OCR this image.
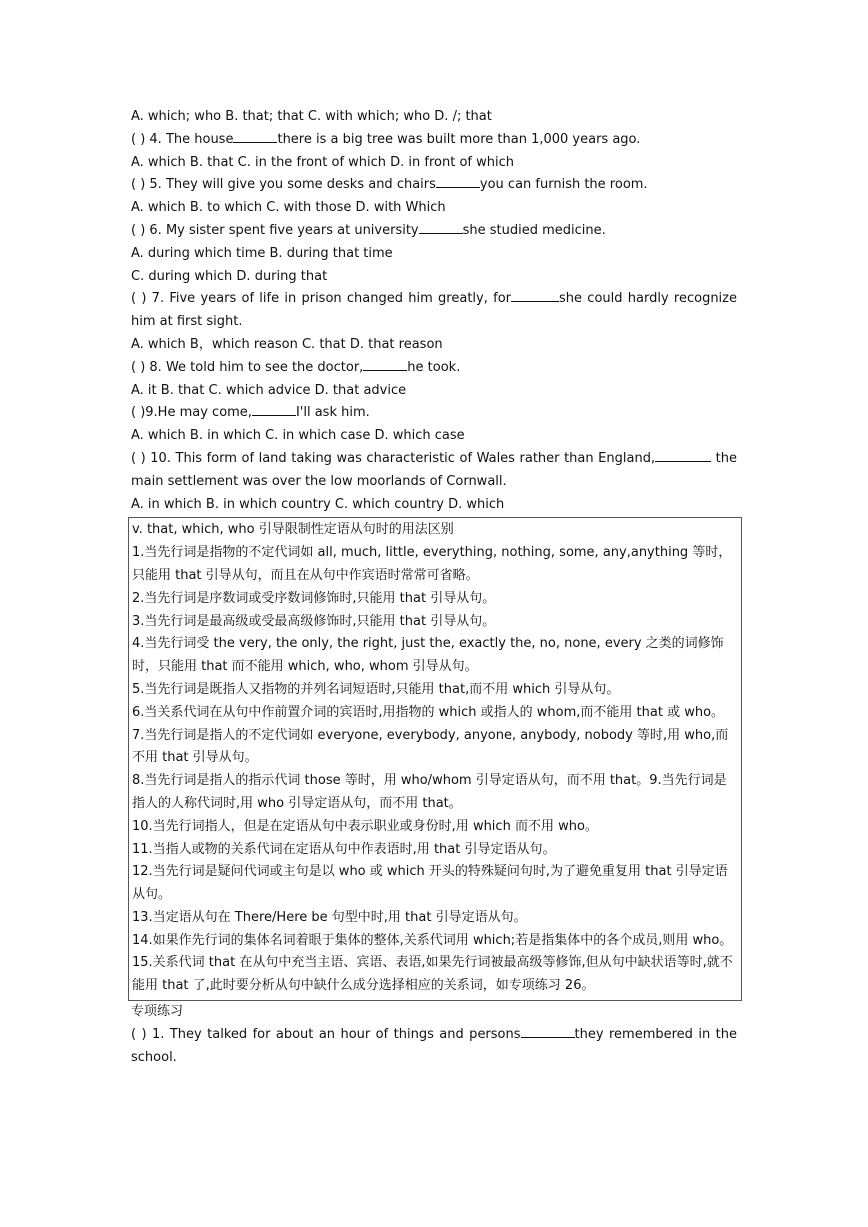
A. which; who B. that; that C. with which; who D. /; that
( ) 4. The house	there is a big tree was built more than 1,000 years ago.
A. which B. that C. in the front of which D. in front of which
( ) 5. They will give you some desks and chairs	you can furnish the room.
A. which B. to which C. with those D. with Which
( ) 6. My sister spent five years at university	she studied medicine.
A. during which time B. during that time
C. during which D. during that
( ) 7. Five years of life in prison changed him greatly, for	she could hardly recognize him at first sight.
A. which B，which reason C. that D. that reason
( ) 8. We told him to see the doctor,	he took.
A. it B. that C. which advice D. that advice
( )9.He may come,	I'll ask him.
A. which B. in which C. in which case D. which case
( ) 10. This form of land taking was characteristic of Wales rather than England,	the main settlement was over the low moorlands of Cornwall.
A. in which B. in which country C. which country D. which
v. that, which, who 引导限制性定语从句时的用法区别
1.当先行词是指物的不定代词如 all, much, little, everything, nothing, some, any,anything 等时，只能用 that 引导从句，而且在从句中作宾语时常常可省略。
2.当先行词是序数词或受序数词修饰时,只能用 that 引导从句。
3.当先行词是最高级或受最高级修饰时,只能用 that 引导从句。
4.当先行词受 the very, the only, the right, just the, exactly the, no, none, every 之类的词修饰时，只能用 that 而不能用 which, who, whom 引导从句。
5.当先行词是既指人又指物的并列名词短语时,只能用 that,而不用 which 引导从句。
6.当关系代词在从句中作前置介词的宾语时,用指物的 which 或指人的 whom,而不能用 that 或 who。
7.当先行词是指人的不定代词如 everyone, everybody, anyone, anybody, nobody 等时,用 who,而不用 that 引导从句。
8.当先行词是指人的指示代词 those 等时，用 who/whom 引导定语从句，而不用 that。9.当先行词是指人的人称代词时,用 who 引导定语从句，而不用 that。
10.当先行词指人，但是在定语从句中表示职业或身份时,用 which 而不用 who。
11.当指人或物的关系代词在定语从句中作表语时,用 that 引导定语从句。
12.当先行词是疑问代词或主句是以 who 或 which 开头的特殊疑问句时,为了避免重复用 that 引导定语从句。
13.当定语从句在 There/Here be 句型中时,用 that 引导定语从句。
14.如果作先行词的集体名词着眼于集体的整体,关系代词用 which;若是指集体中的各个成员,则用 who。
15.关系代词 that 在从句中充当主语、宾语、表语,如果先行词被最高级等修饰,但从句中缺状语等时,就不能用 that 了,此时要分析从句中缺什么成分选择相应的关系词，如专项练习 26。
专项练习
( ) 1. They talked for about an hour of things and persons	they remembered in the school.
